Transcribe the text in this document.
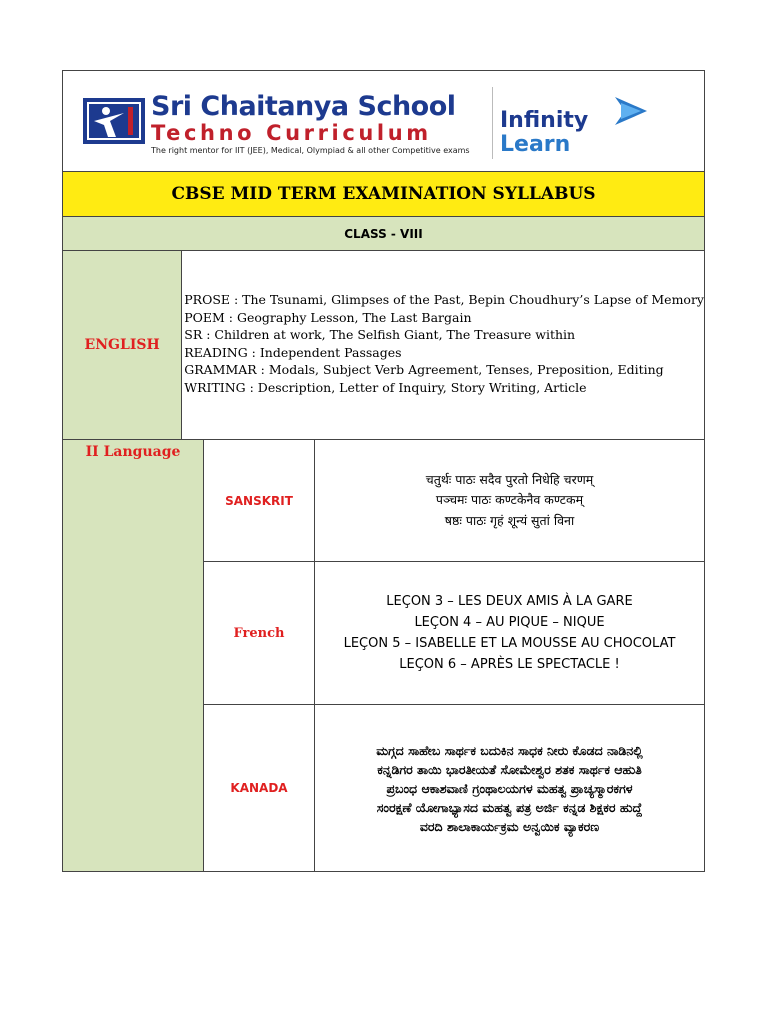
Sri Chaitanya School
Techno Curriculum
The right mentor for IIT (JEE), Medical, Olympiad & all other Competitive exams
Infinity
Learn
CBSE MID TERM EXAMINATION SYLLABUS
CLASS - VIII
ENGLISH
PROSE : The Tsunami, Glimpses of the Past, Bepin Choudhury’s Lapse of Memory
POEM : Geography Lesson, The Last Bargain
SR : Children at work, The Selfish Giant, The Treasure within
READING : Independent Passages
GRAMMAR : Modals, Subject Verb Agreement, Tenses, Preposition, Editing
WRITING : Description, Letter of Inquiry, Story Writing, Article
II Language
SANSKRIT
चतुर्थः पाठः सदैव पुरतो निधेहि चरणम्
पञ्चमः पाठः कण्टकेनैव कण्टकम्
षष्ठः पाठः गृहं शून्यं सुतां विना
French
LEÇON 3 – LES DEUX AMIS À LA GARE
LEÇON 4 – AU PIQUE – NIQUE
LEÇON 5 – ISABELLE ET LA MOUSSE AU CHOCOLAT
LEÇON 6 – APRÈS LE SPECTACLE !
KANADA
ಮಗ್ಗದ ಸಾಹೇಬ ಸಾರ್ಥಕ ಬದುಕಿನ ಸಾಧಕ ನೀರು ಕೊಡದ ನಾಡಿನಲ್ಲಿ
ಕನ್ನಡಿಗರ ತಾಯಿ ಭಾರತೀಯತೆ ಸೋಮೇಶ್ವರ ಶತಕ ಸಾರ್ಥಕ ಆಹುತಿ
ಪ್ರಬಂಧ ಆಕಾಶವಾಣಿ ಗ್ರಂಥಾಲಯಗಳ ಮಹತ್ವ ಪ್ರಾಚ್ಯಸ್ಮಾರಕಗಳ
ಸಂರಕ್ಷಣೆ ಯೋಗಾಭ್ಯಾಸದ ಮಹತ್ವ ಪತ್ರ ಅರ್ಜಿ ಕನ್ನಡ ಶಿಕ್ಷಕರ ಹುದ್ದೆ
ವರದಿ ಶಾಲಾಕಾರ್ಯಕ್ರಮ ಅನ್ವಯಿಕ ವ್ಯಾಕರಣ
